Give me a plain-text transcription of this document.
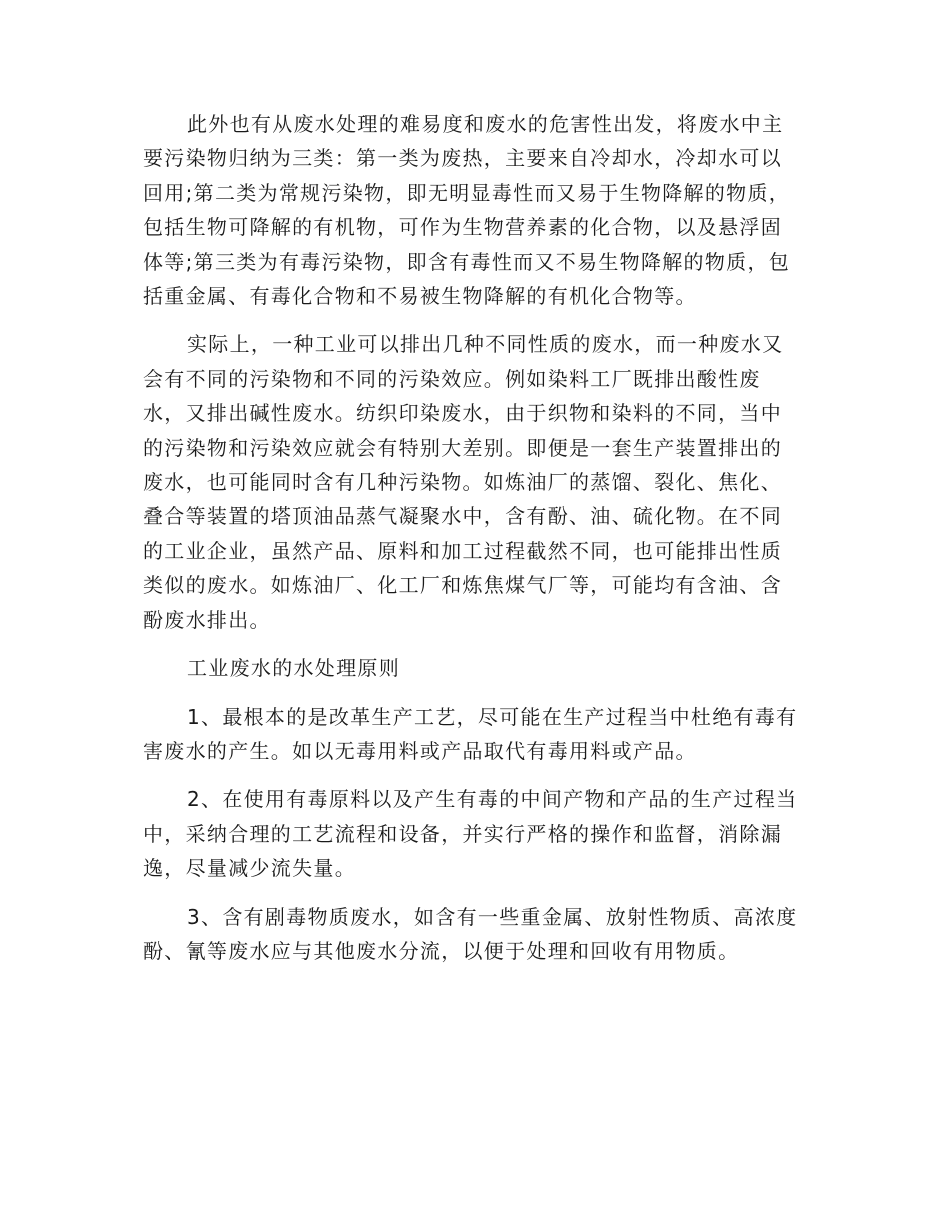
此外也有从废水处理的难易度和废水的危害性出发，将废水中主
要污染物归纳为三类：第一类为废热，主要来自冷却水，冷却水可以
回用;第二类为常规污染物，即无明显毒性而又易于生物降解的物质，
包括生物可降解的有机物，可作为生物营养素的化合物，以及悬浮固
体等;第三类为有毒污染物，即含有毒性而又不易生物降解的物质，包
括重金属、有毒化合物和不易被生物降解的有机化合物等。
实际上，一种工业可以排出几种不同性质的废水，而一种废水又
会有不同的污染物和不同的污染效应。例如染料工厂既排出酸性废
水，又排出碱性废水。纺织印染废水，由于织物和染料的不同，当中
的污染物和污染效应就会有特别大差别。即便是一套生产装置排出的
废水，也可能同时含有几种污染物。如炼油厂的蒸馏、裂化、焦化、
叠合等装置的塔顶油品蒸气凝聚水中，含有酚、油、硫化物。在不同
的工业企业，虽然产品、原料和加工过程截然不同，也可能排出性质
类似的废水。如炼油厂、化工厂和炼焦煤气厂等，可能均有含油、含
酚废水排出。
工业废水的水处理原则
1、最根本的是改革生产工艺，尽可能在生产过程当中杜绝有毒有
害废水的产生。如以无毒用料或产品取代有毒用料或产品。
2、在使用有毒原料以及产生有毒的中间产物和产品的生产过程当
中，采纳合理的工艺流程和设备，并实行严格的操作和监督，消除漏
逸，尽量减少流失量。
3、含有剧毒物质废水，如含有一些重金属、放射性物质、高浓度
酚、氰等废水应与其他废水分流，以便于处理和回收有用物质。
